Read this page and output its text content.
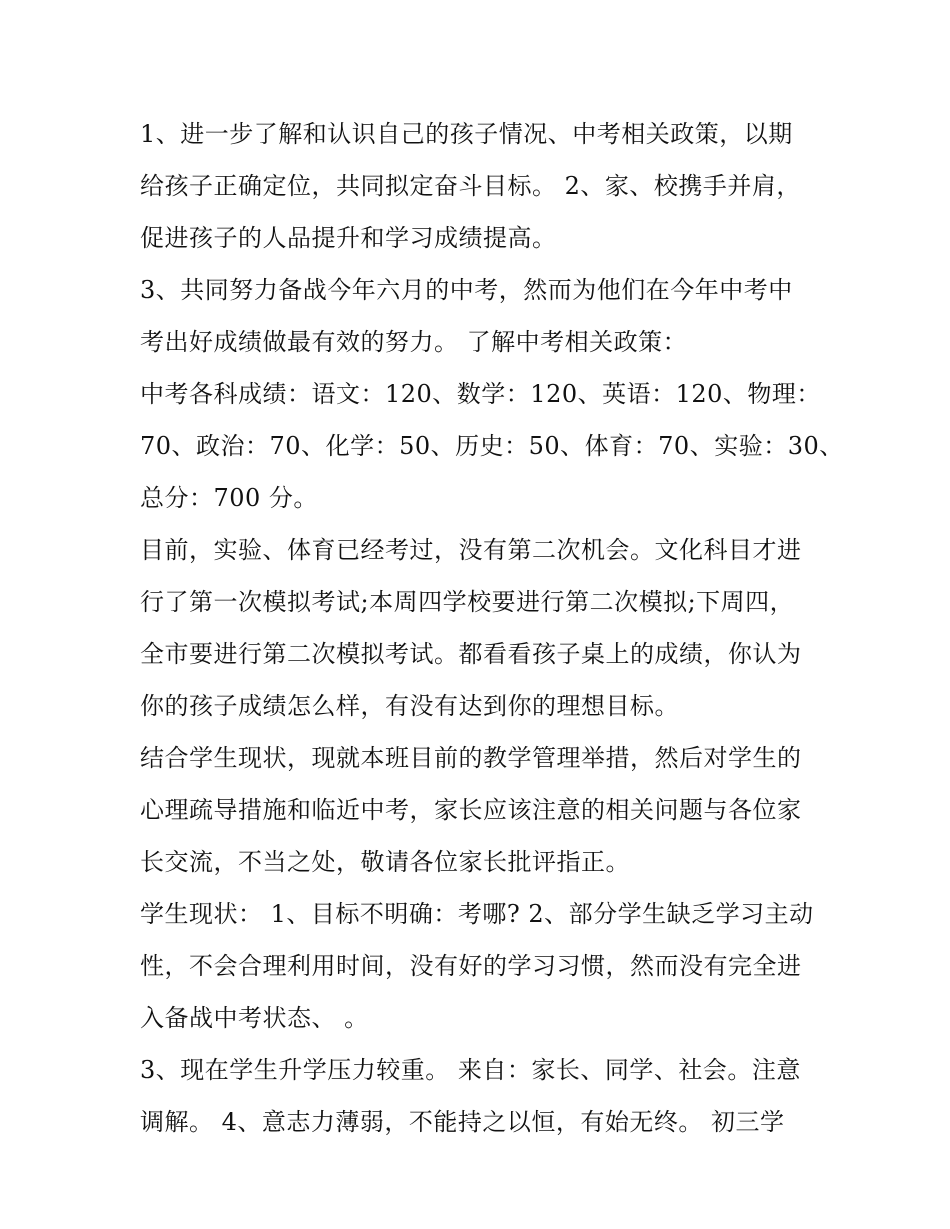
1、进一步了解和认识自己的孩子情况、中考相关政策，以期
给孩子正确定位，共同拟定奋斗目标。 2、家、校携手并肩，
促进孩子的人品提升和学习成绩提高。
3、共同努力备战今年六月的中考，然而为他们在今年中考中
考出好成绩做最有效的努力。 了解中考相关政策：
中考各科成绩：语文：120、数学：120、英语：120、物理：
70、政治：70、化学：50、历史：50、体育：70、实验：30、
总分：700 分。
目前，实验、体育已经考过，没有第二次机会。文化科目才进
行了第一次模拟考试;本周四学校要进行第二次模拟;下周四，
全市要进行第二次模拟考试。都看看孩子桌上的成绩，你认为
你的孩子成绩怎么样，有没有达到你的理想目标。
结合学生现状，现就本班目前的教学管理举措，然后对学生的
心理疏导措施和临近中考，家长应该注意的相关问题与各位家
长交流，不当之处，敬请各位家长批评指正。
学生现状： 1、目标不明确：考哪? 2、部分学生缺乏学习主动
性，不会合理利用时间，没有好的学习习惯，然而没有完全进
入备战中考状态、 。
3、现在学生升学压力较重。 来自：家长、同学、社会。注意
调解。 4、意志力薄弱，不能持之以恒，有始无终。 初三学
